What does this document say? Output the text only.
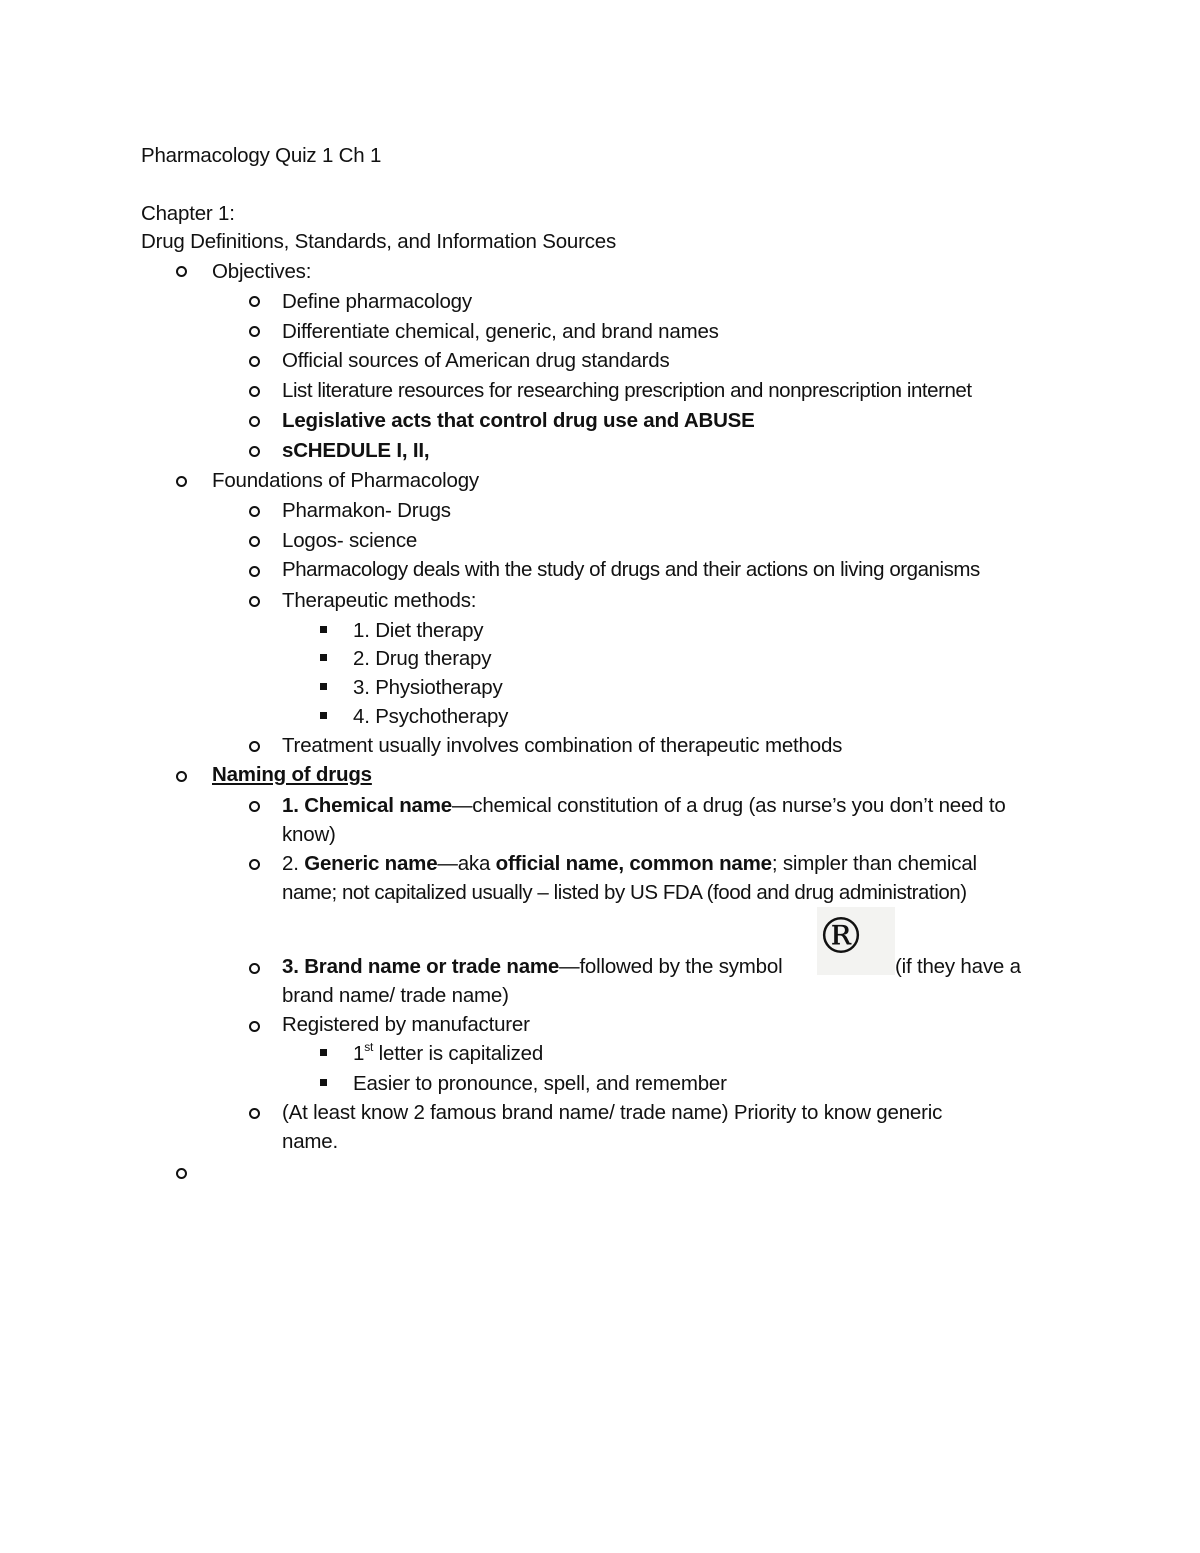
Pharmacology Quiz 1 Ch 1
Chapter 1:
Drug Definitions, Standards, and Information Sources
Objectives:
Define pharmacology
Differentiate chemical, generic, and brand names
Official sources of American drug standards
List literature resources for researching prescription and nonprescription internet
Legislative acts that control drug use and ABUSE
sCHEDULE I, II,
Foundations of Pharmacology
Pharmakon- Drugs
Logos- science
Pharmacology deals with the study of drugs and their actions on living organisms
Therapeutic methods:
1. Diet therapy
2. Drug therapy
3. Physiotherapy
4. Psychotherapy
Treatment usually involves combination of therapeutic methods
Naming of drugs
1. Chemical name—chemical constitution of a drug (as nurse’s you don’t need to
know)
2. Generic name—aka official name, common name; simpler than chemical
name; not capitalized usually – listed by US FDA (food and drug administration)
3. Brand name or trade name—followed by the symbol
®
(if they have a
brand name/ trade name)
Registered by manufacturer
1st letter is capitalized
Easier to pronounce, spell, and remember
(At least know 2 famous brand name/ trade name) Priority to know generic
name.
